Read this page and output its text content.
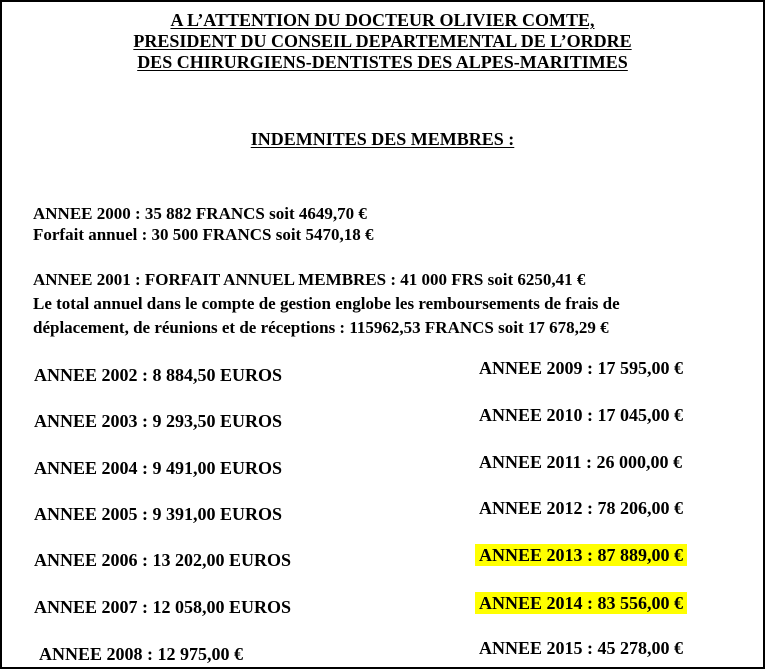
A L’ATTENTION DU DOCTEUR OLIVIER COMTE,
PRESIDENT DU CONSEIL DEPARTEMENTAL DE L’ORDRE
DES CHIRURGIENS-DENTISTES DES ALPES-MARITIMES
INDEMNITES DES MEMBRES :
ANNEE 2000 : 35 882 FRANCS soit 4649,70 €
Forfait annuel : 30 500 FRANCS soit 5470,18 €
ANNEE 2001 : FORFAIT ANNUEL MEMBRES : 41 000 FRS soit 6250,41 €
Le total annuel dans le compte de gestion englobe les remboursements de frais de
déplacement, de réunions et de réceptions : 115962,53 FRANCS soit 17 678,29 €
ANNEE 2002 : 8 884,50 EUROS
ANNEE 2003 : 9 293,50 EUROS
ANNEE 2004 : 9 491,00 EUROS
ANNEE 2005 : 9 391,00 EUROS
ANNEE 2006 : 13 202,00 EUROS
ANNEE 2007 : 12 058,00 EUROS
ANNEE 2008 : 12 975,00 €
ANNEE 2009 : 17 595,00 €
ANNEE 2010 : 17 045,00 €
ANNEE 2011 : 26 000,00 €
ANNEE 2012 : 78 206,00 €
ANNEE 2013 : 87 889,00 €
ANNEE 2014 : 83 556,00 €
ANNEE 2015 : 45 278,00 €
